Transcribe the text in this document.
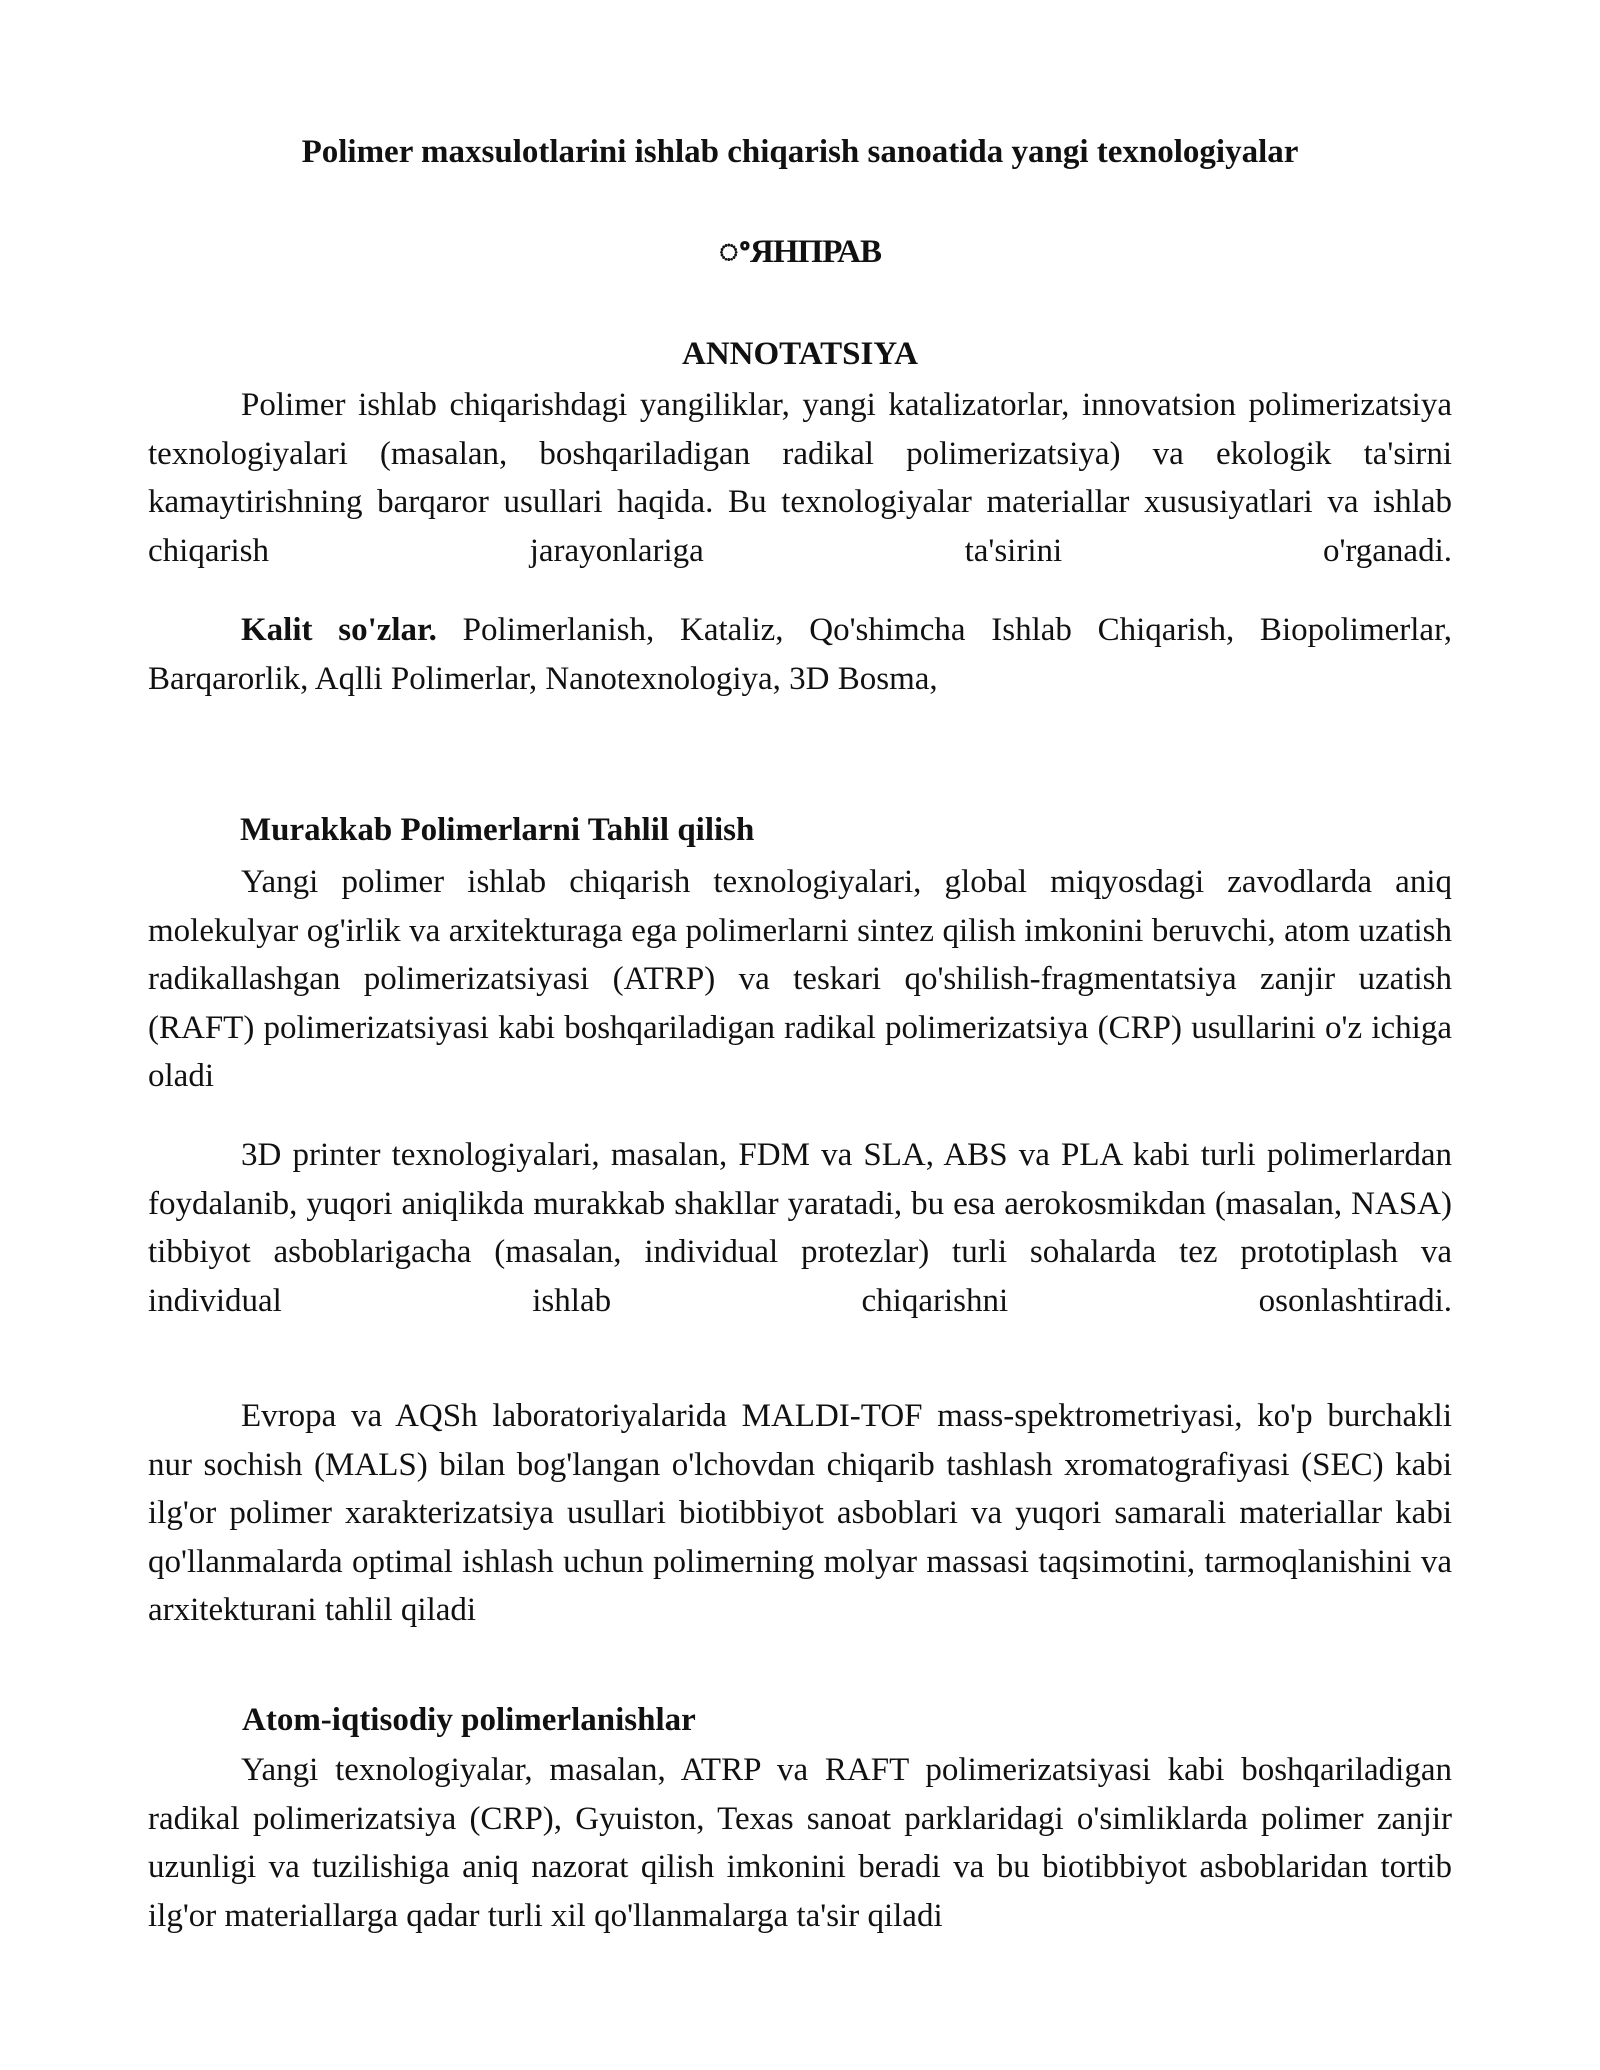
Polimer maxsulotlarini ishlab chiqarish sanoatida yangi texnologiyalar
ꢀЯНПРАВ
ANNOTATSIYA

Polimer ishlab chiqarishdagi yangiliklar, yangi katalizatorlar, innovatsion polimerizatsiya texnologiyalari (masalan, boshqariladigan radikal polimerizatsiya) va ekologik ta'sirni kamaytirishning barqaror usullari haqida. Bu texnologiyalar materiallar xususiyatlari va ishlab chiqarish jarayonlariga ta'sirini o'rganadi.

Kalit so'zlar. Polimerlanish, Kataliz, Qo'shimcha Ishlab Chiqarish, Biopolimerlar, Barqarorlik, Aqlli Polimerlar, Nanotexnologiya, 3D Bosma,

Murakkab Polimerlarni Tahlil qilish

Yangi polimer ishlab chiqarish texnologiyalari, global miqyosdagi zavodlarda aniq molekulyar og'irlik va arxitekturaga ega polimerlarni sintez qilish imkonini beruvchi, atom uzatish radikallashgan polimerizatsiyasi (ATRP) va teskari qo'shilish-fragmentatsiya zanjir uzatish (RAFT) polimerizatsiyasi kabi boshqariladigan radikal polimerizatsiya (CRP) usullarini o'z ichiga oladi

3D printer texnologiyalari, masalan, FDM va SLA, ABS va PLA kabi turli polimerlardan foydalanib, yuqori aniqlikda murakkab shakllar yaratadi, bu esa aerokosmikdan (masalan, NASA) tibbiyot asboblarigacha (masalan, individual protezlar) turli sohalarda tez prototiplash va individual ishlab chiqarishni osonlashtiradi.

Evropa va AQSh laboratoriyalarida MALDI-TOF mass-spektrometriyasi, ko'p burchakli nur sochish (MALS) bilan bog'langan o'lchovdan chiqarib tashlash xromatografiyasi (SEC) kabi ilg'or polimer xarakterizatsiya usullari biotibbiyot asboblari va yuqori samarali materiallar kabi qo'llanmalarda optimal ishlash uchun polimerning molyar massasi taqsimotini, tarmoqlanishini va arxitekturani tahlil qiladi

Atom-iqtisodiy polimerlanishlar

Yangi texnologiyalar, masalan, ATRP va RAFT polimerizatsiyasi kabi boshqariladigan radikal polimerizatsiya (CRP), Gyuiston, Texas sanoat parklaridagi o'simliklarda polimer zanjir uzunligi va tuzilishiga aniq nazorat qilish imkonini beradi va bu biotibbiyot asboblaridan tortib ilg'or materiallarga qadar turli xil qo'llanmalarga ta'sir qiladi
